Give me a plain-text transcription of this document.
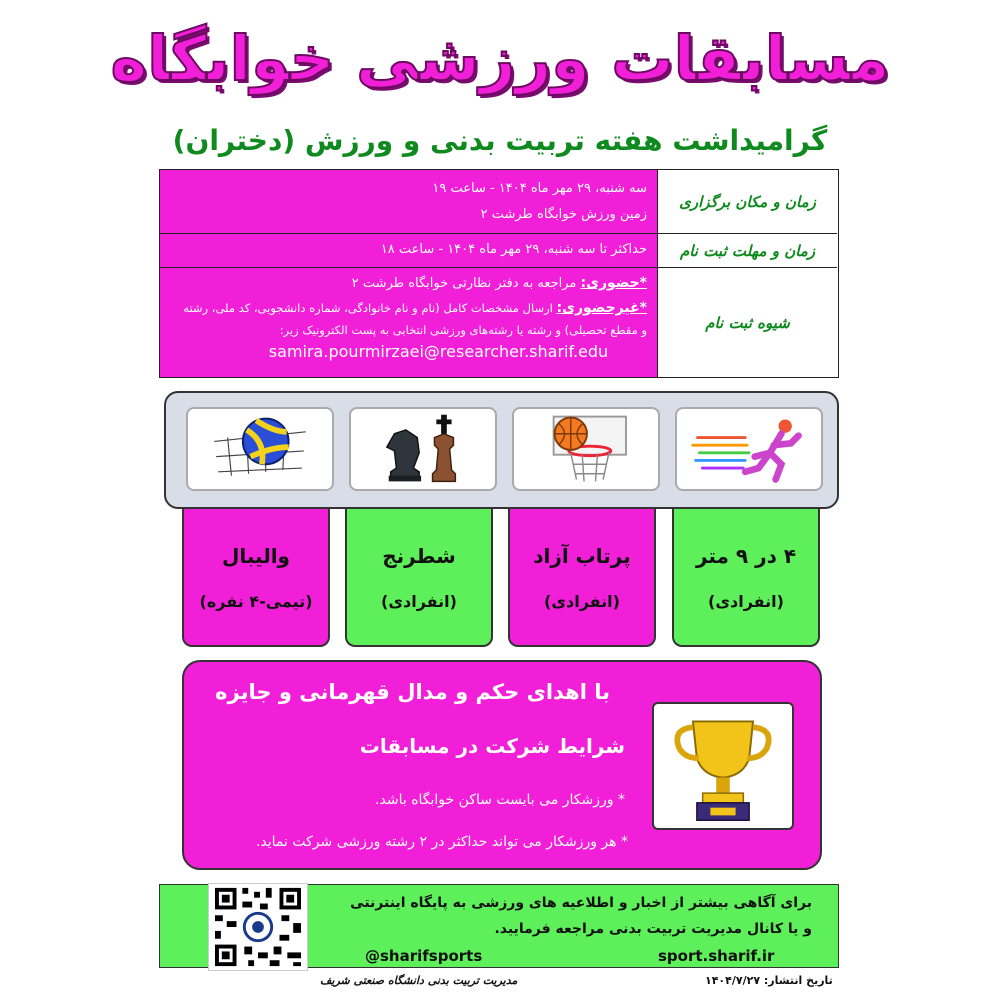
مسابقات ورزشی خوابگاه
گرامیداشت هفته تربیت بدنی و ورزش (دختران)
زمان و مکان برگزاری
سه شنبه، ۲۹ مهر ماه ۱۴۰۴ - ساعت ۱۹
زمین ورزش خوابگاه طرشت ۲
زمان و مهلت ثبت نام
حداکثر تا سه شنبه، ۲۹ مهر ماه ۱۴۰۴ - ساعت ۱۸
شیوه ثبت نام
*حضوری: مراجعه به دفتر نظارتی خوابگاه طرشت ۲
*غیرحضوری: ارسال مشخصات کامل (نام و نام خانوادگی، شماره دانشجویی، کد ملی، رشته
و مقطع تحصیلی) و رشته یا رشته‌های ورزشی انتخابی به پست الکترونیک زیر:
samira.pourmirzaei@researcher.sharif.edu
۴ در ۹ متر
(انفرادی)
پرتاب آزاد
(انفرادی)
شطرنج
(انفرادی)
والیبال
(تیمی-۴ نفره)
با اهدای حکم و مدال قهرمانی و جایزه
شرایط شرکت در مسابقات
* ورزشکار می بایست ساکن خوابگاه باشد.
* هر ورزشکار می تواند حداکثر در ۲ رشته ورزشی شرکت نماید.
برای آگاهی بیشتر از اخبار و اطلاعیه های ورزشی به پایگاه اینترنتی
و یا کانال مدیریت تربیت بدنی مراجعه فرمایید.
sport.sharif.ir
@sharifsports
تاریخ انتشار: ۱۴۰۴/۷/۲۷
مدیریت تربیت بدنی دانشگاه صنعتی شریف
